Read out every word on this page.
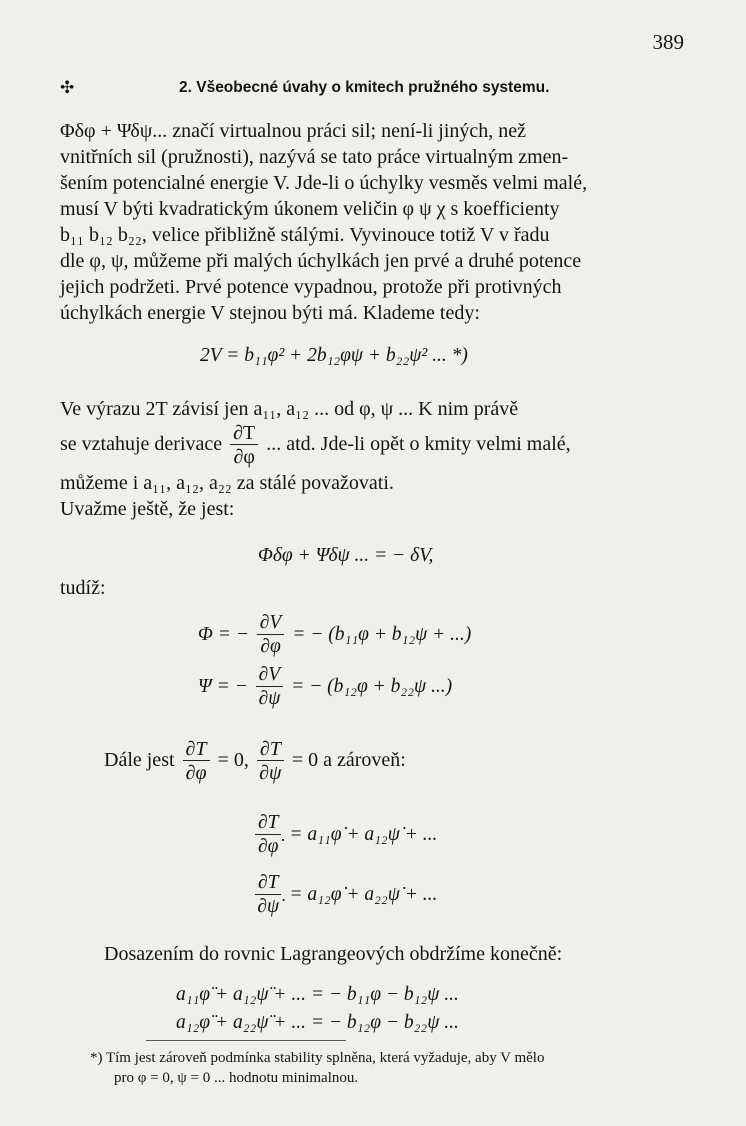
389
✣	2. Všeobecné úvahy o kmitech pružného systemu.
Φδφ + Ψδψ... značí virtualnou práci sil; není-li jiných, než
vnitřních sil (pružnosti), nazývá se tato práce virtualným zmen-
šením potencialné energie V. Jde-li o úchylky vesměs velmi malé,
musí V býti kvadratickým úkonem veličin φ ψ χ s koefficienty
b₁₁ b₁₂ b₂₂, velice přibližně stálými. Vyvinouce totiž V v řadu
dle φ, ψ, můžeme při malých úchylkách jen prvé a druhé potence
jejich podržeti. Prvé potence vypadnou, protože při protivných
úchylkách energie V stejnou býti má. Klademe tedy:
2V = b₁₁φ² + 2b₁₂φψ + b₂₂ψ² ... *)
Ve výrazu 2T závisí jen a₁₁, a₁₂ ... od φ, ψ ... K nim právě
se vztahuje derivace $\frac{\partial T}{\partial\varphi}$ ... atd. Jde-li opět o kmity velmi malé,
můžeme i a₁₁, a₁₂, a₂₂ za stálé považovati.
Uvažme ještě, že jest:
Φδφ + Ψδψ ... = − δV,
tudíž:
Φ = − $\frac{\partial V}{\partial\varphi}$ = − (b₁₁φ + b₁₂ψ + ...)
Ψ = − $\frac{\partial V}{\partial\psi}$ = − (b₁₂φ + b₂₂ψ ...)
Dále jest $\frac{\partial T}{\partial\varphi} = 0$, $\frac{\partial T}{\partial\psi} = 0$ a zároveň:
$\frac{\partial T}{\partial\varphi̇}$ = a₁₁φ̇ + a₁₂ψ̇ + ...
$\frac{\partial T}{\partial\psi̇}$ = a₁₂φ̇ + a₂₂ψ̇ + ...
Dosazením do rovnic Lagrangeových obdržíme konečně:
a₁₁φ̈ + a₁₂ψ̈ + ... = − b₁₁φ − b₁₂ψ ...
a₁₂φ̈ + a₂₂ψ̈ + ... = − b₁₂φ − b₂₂ψ ...
*) Tím jest zároveň podmínka stability splněna, která vyžaduje, aby V mělo
pro φ = 0, ψ = 0 ... hodnotu minimalnou.
